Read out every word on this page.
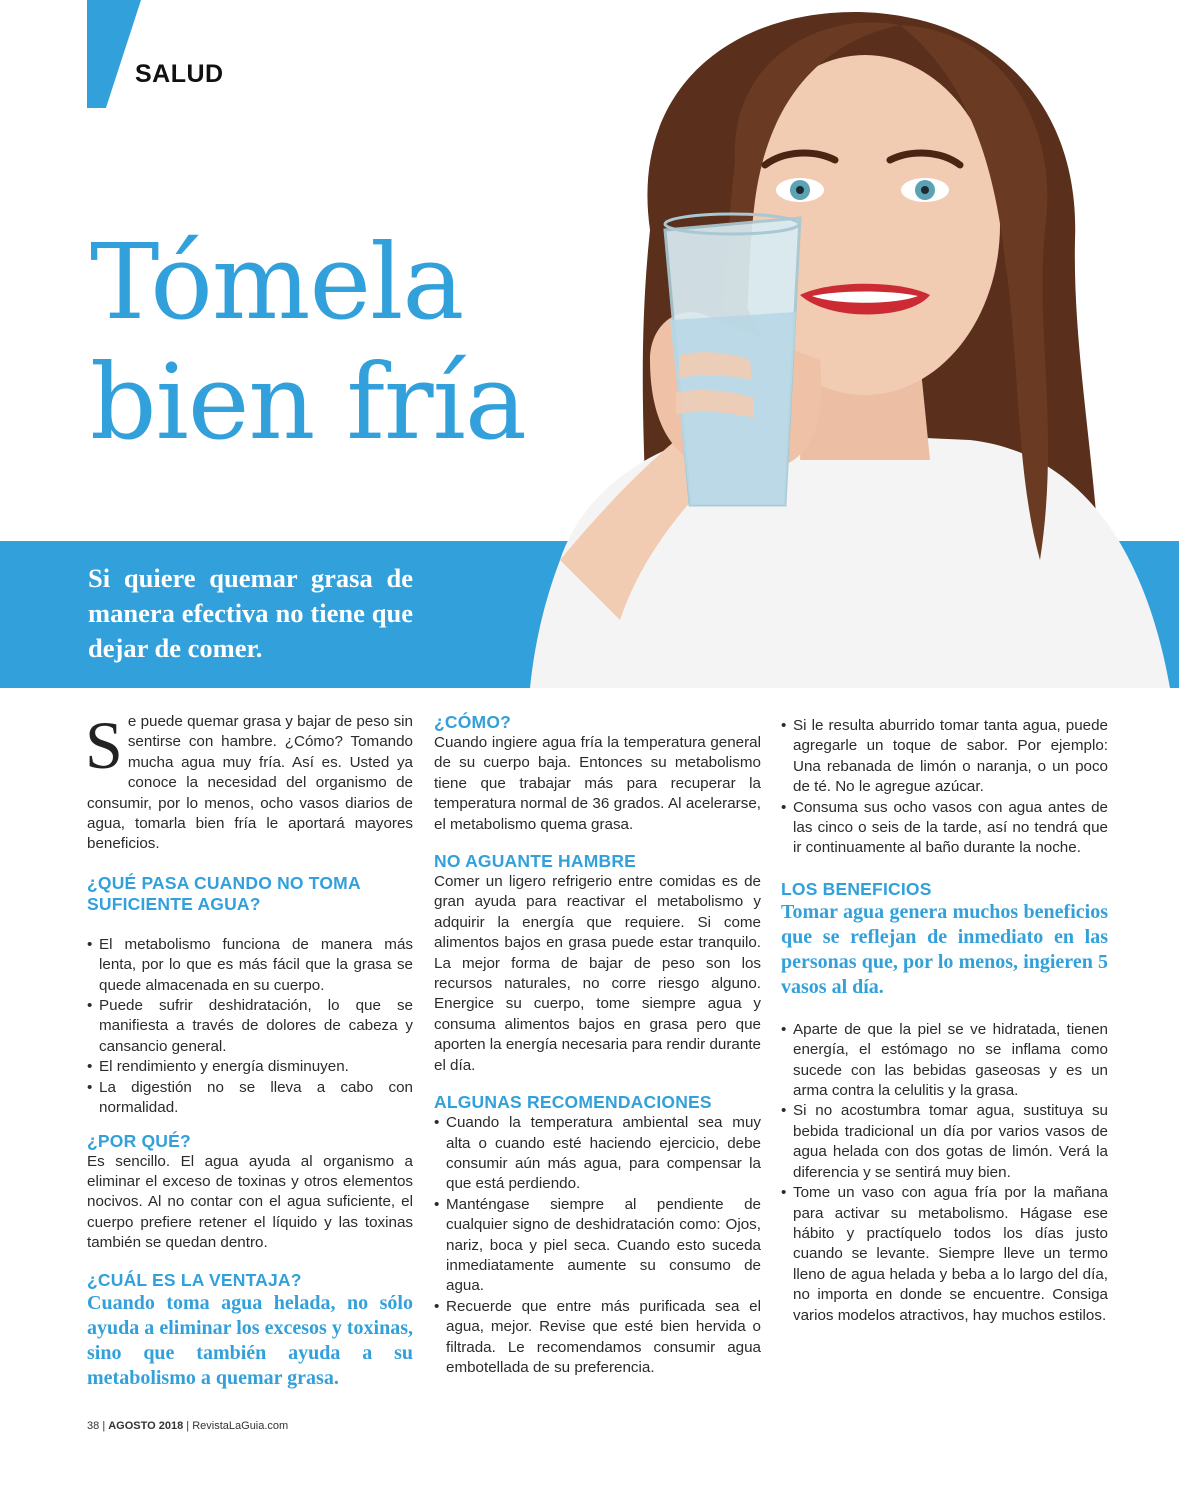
SALUD
Tómela
bien fría

Si quiere quemar grasa de manera efectiva no tiene que dejar de comer.

Se puede quemar grasa y bajar de peso sin sentirse con hambre. ¿Cómo? Tomando mucha agua muy fría. Así es. Usted ya conoce la necesidad del organismo de consumir, por lo menos, ocho vasos diarios de agua, tomarla bien fría le aportará mayores beneficios.

¿QUÉ PASA CUANDO NO TOMA SUFICIENTE AGUA?
• El metabolismo funciona de manera más lenta, por lo que es más fácil que la grasa se quede almacenada en su cuerpo.
• Puede sufrir deshidratación, lo que se manifiesta a través de dolores de cabeza y cansancio general.
• El rendimiento y energía disminuyen.
• La digestión no se lleva a cabo con normalidad.
¿POR QUÉ?

Es sencillo. El agua ayuda al organismo a eliminar el exceso de toxinas y otros elementos nocivos. Al no contar con el agua suficiente, el cuerpo prefiere retener el líquido y las toxinas también se quedan dentro.

¿CUÁL ES LA VENTAJA?

Cuando toma agua helada, no sólo ayuda a eliminar los excesos y toxinas, sino que también ayuda a su metabolismo a quemar grasa.

¿CÓMO?

Cuando ingiere agua fría la temperatura general de su cuerpo baja. Entonces su metabolismo tiene que trabajar más para recuperar la temperatura normal de 36 grados. Al acelerarse, el metabolismo quema grasa.

NO AGUANTE HAMBRE

Comer un ligero refrigerio entre comidas es de gran ayuda para reactivar el metabolismo y adquirir la energía que requiere. Si come alimentos bajos en grasa puede estar tranquilo. La mejor forma de bajar de peso son los recursos naturales, no corre riesgo alguno. Energice su cuerpo, tome siempre agua y consuma alimentos bajos en grasa pero que aporten la energía necesaria para rendir durante el día.

ALGUNAS RECOMENDACIONES
• Cuando la temperatura ambiental sea muy alta o cuando esté haciendo ejercicio, debe consumir aún más agua, para compensar la que está perdiendo.
• Manténgase siempre al pendiente de cualquier signo de deshidratación como: Ojos, nariz, boca y piel seca. Cuando esto suceda inmediatamente aumente su consumo de agua.
• Recuerde que entre más purificada sea el agua, mejor. Revise que esté bien hervida o filtrada. Le recomendamos consumir agua embotellada de su preferencia.
• Si le resulta aburrido tomar tanta agua, puede agregarle un toque de sabor. Por ejemplo: Una rebanada de limón o naranja, o un poco de té. No le agregue azúcar.
• Consuma sus ocho vasos con agua antes de las cinco o seis de la tarde, así no tendrá que ir continuamente al baño durante la noche.
LOS BENEFICIOS

Tomar agua genera muchos beneficios que se reflejan de inmediato en las personas que, por lo menos, ingieren 5 vasos al día.

• Aparte de que la piel se ve hidratada, tienen energía, el estómago no se inflama como sucede con las bebidas gaseosas y es un arma contra la celulitis y la grasa.
• Si no acostumbra tomar agua, sustituya su bebida tradicional un día por varios vasos de agua helada con dos gotas de limón. Verá la diferencia y se sentirá muy bien.
• Tome un vaso con agua fría por la mañana para activar su metabolismo. Hágase ese hábito y practíquelo todos los días justo cuando se levante. Siempre lleve un termo lleno de agua helada y beba a lo largo del día, no importa en donde se encuentre. Consiga varios modelos atractivos, hay muchos estilos.
38 | AGOSTO 2018 | RevistaLaGuia.com
